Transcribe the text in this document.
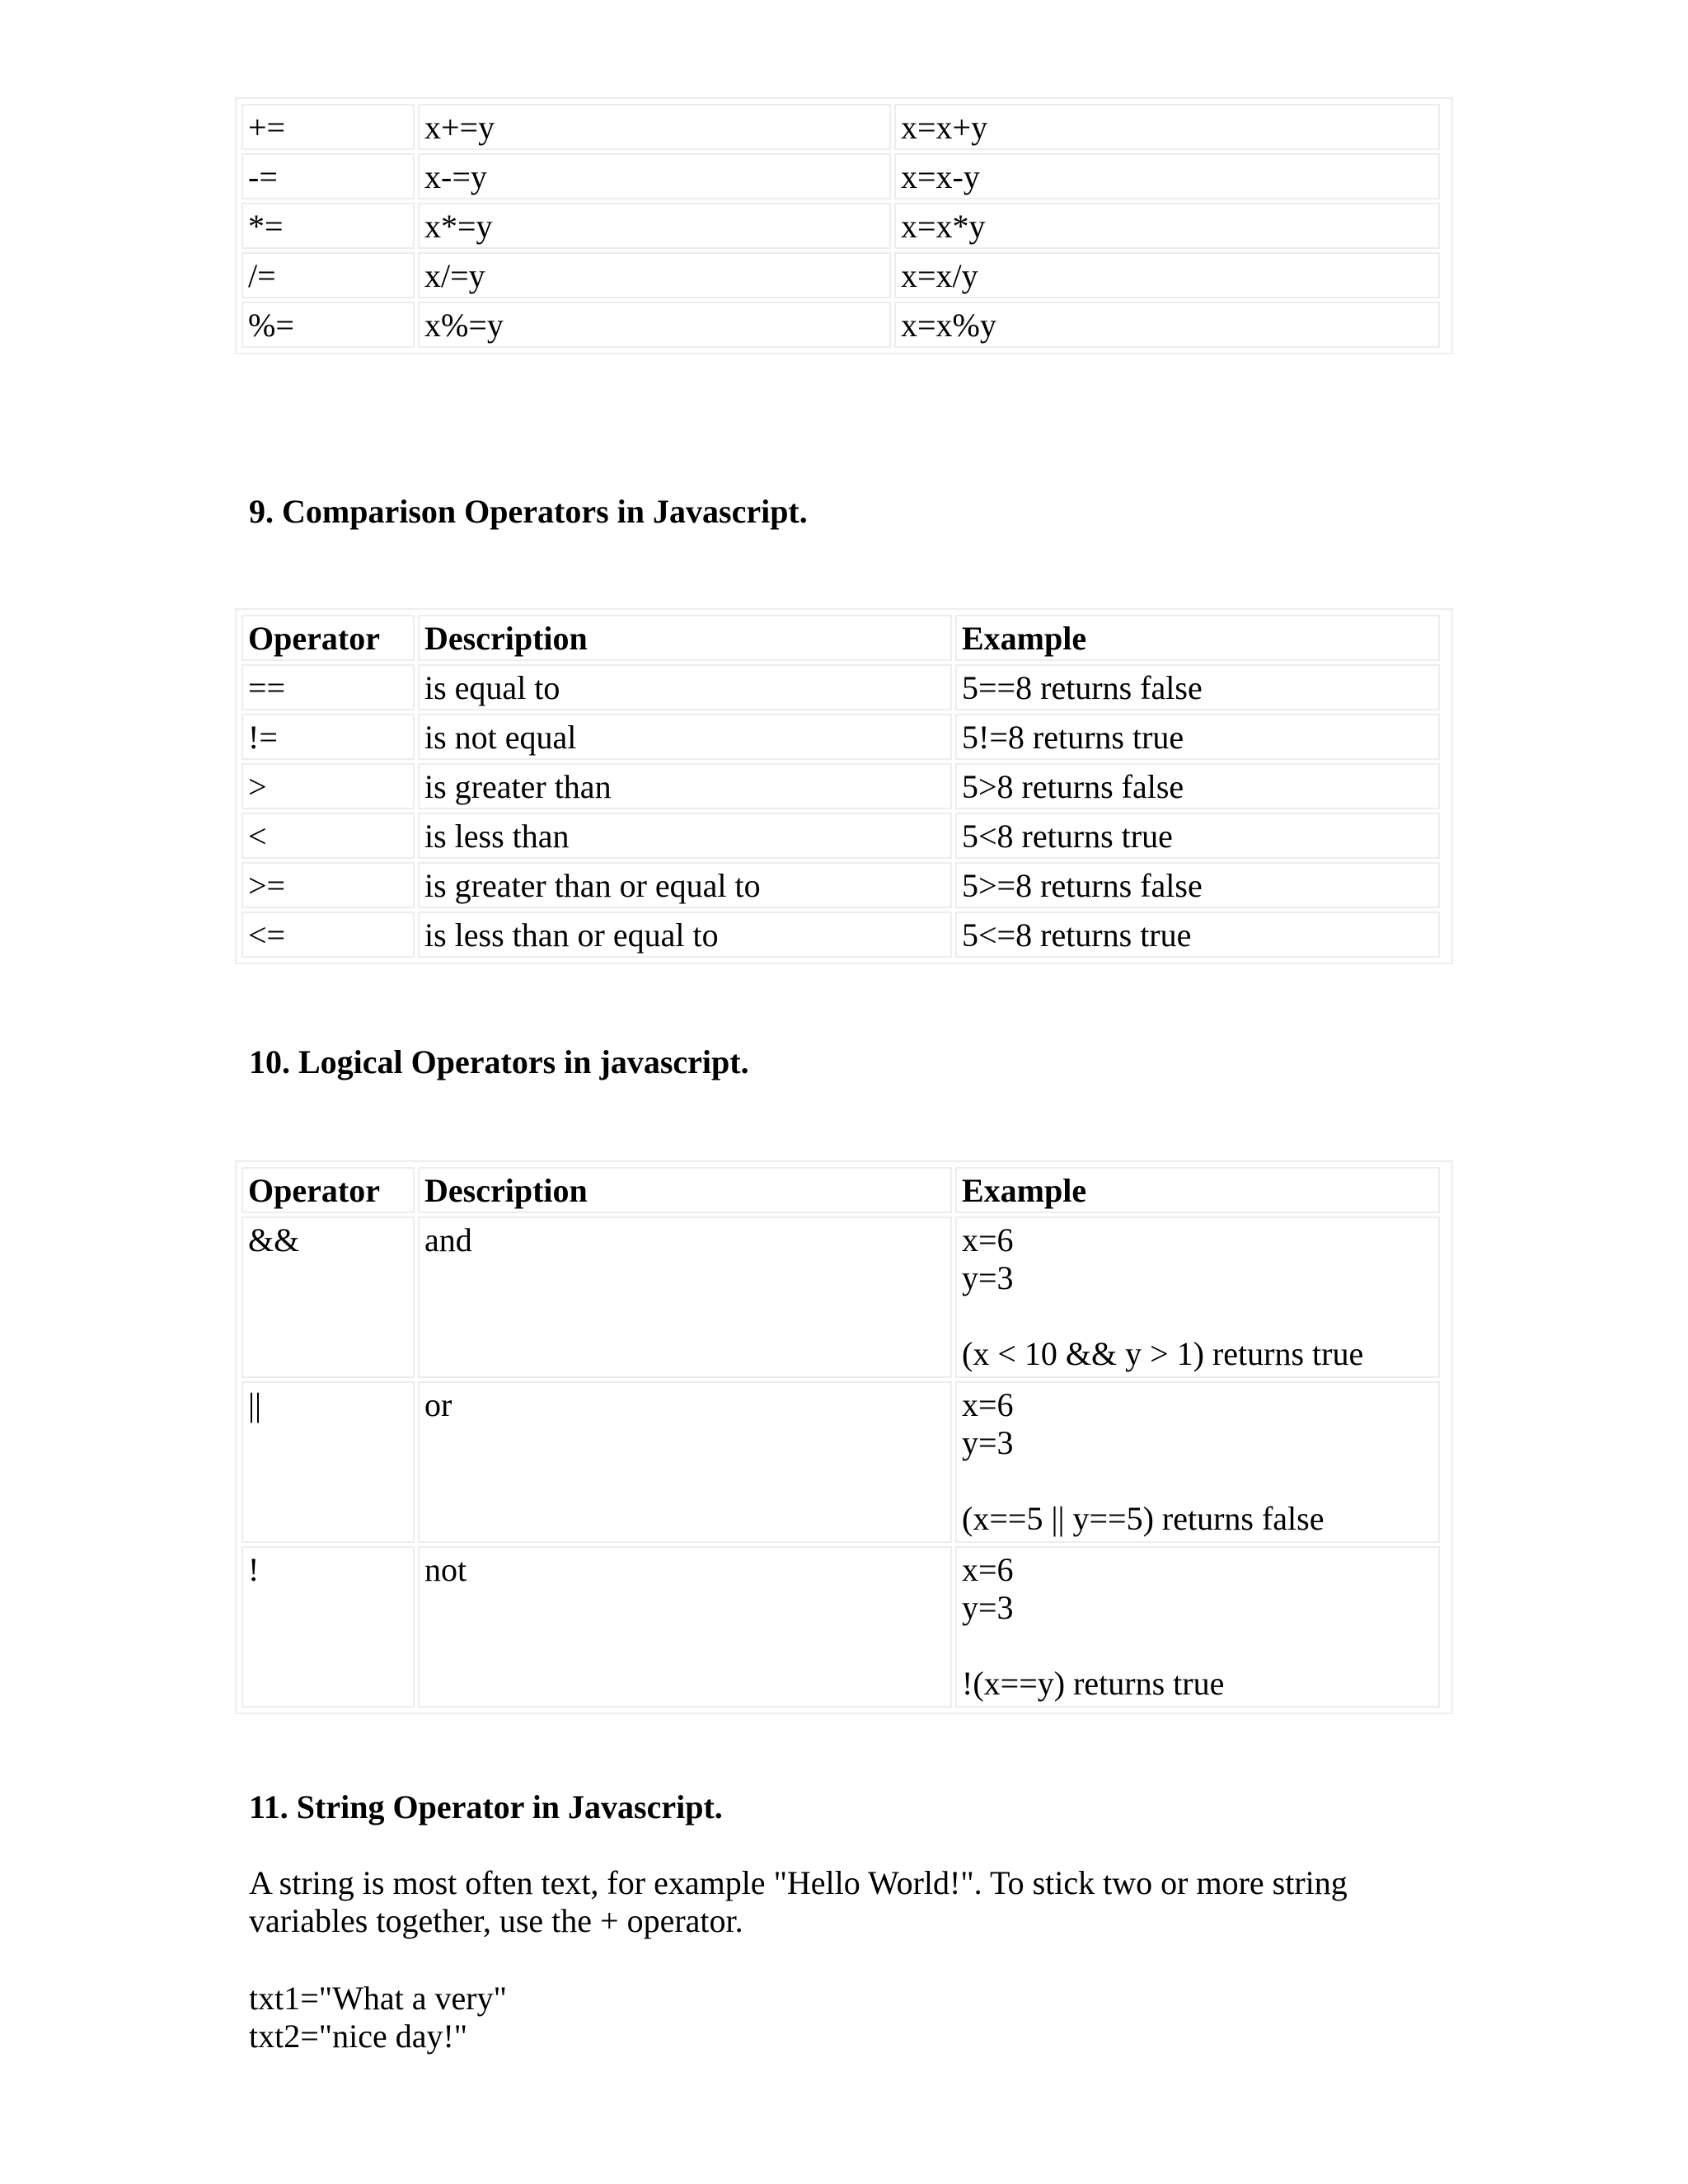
+=	x+=y	x=x+y
-=	x-=y	x=x-y
*=	x*=y	x=x*y
/=	x/=y	x=x/y
%=	x%=y	x=x%y
9. Comparison Operators in Javascript.
Operator	Description	Example
==	is equal to	5==8 returns false
!=	is not equal	5!=8 returns true
>	is greater than	5>8 returns false
<	is less than	5<8 returns true
>=	is greater than or equal to	5>=8 returns false
<=	is less than or equal to	5<=8 returns true
10. Logical Operators in javascript.
Operator	Description	Example
&&	and	x=6
y=3

(x < 10 && y > 1) returns true
||	or	x=6
y=3

(x==5 || y==5) returns false
!	not	x=6
y=3

!(x==y) returns true
11. String Operator in Javascript.

A string is most often text, for example "Hello World!". To stick two or more string
variables together, use the + operator.

txt1="What a very"
txt2="nice day!"
